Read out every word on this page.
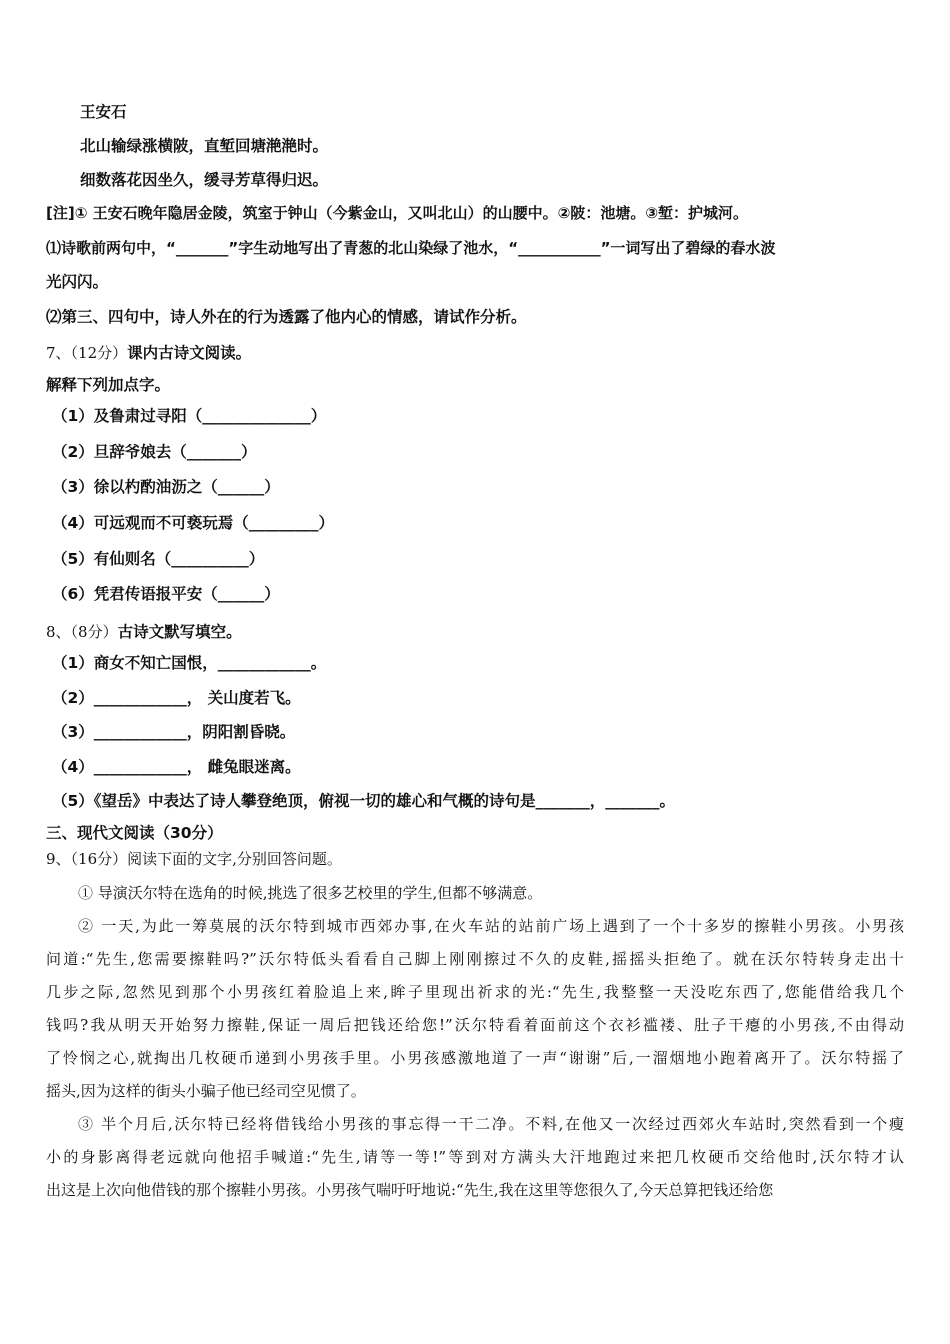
王安石
北山输绿涨横陂，直堑回塘滟滟时。
细数落花因坐久，缓寻芳草得归迟。
[注]① 王安石晚年隐居金陵，筑室于钟山（今紫金山，又叫北山）的山腰中。②陂：池塘。③堑：护城河。
⑴诗歌前两句中，“_______”字生动地写出了青葱的北山染绿了池水，“___________”一词写出了碧绿的春水波
光闪闪。
⑵第三、四句中，诗人外在的行为透露了他内心的情感，请试作分析。
7、（12分）课内古诗文阅读。
解释下列加点字。
（1）及鲁肃过寻阳（______________）
（2）旦辞爷娘去（_______）
（3）徐以杓酌油沥之（______）
（4）可远观而不可亵玩焉（_________）
（5）有仙则名（__________）
（6）凭君传语报平安（______）
8、（8分）古诗文默写填空。
（1）商女不知亡国恨，____________。
（2）____________， 关山度若飞。
（3）____________，阴阳割昏晓。
（4）____________， 雌兔眼迷离。
（5）《望岳》中表达了诗人攀登绝顶，俯视一切的雄心和气概的诗句是_______，_______。
三、现代文阅读（30分）
9、（16分）阅读下面的文字,分别回答问题。
① 导演沃尔特在选角的时候,挑选了很多艺校里的学生,但都不够满意。
② 一天,为此一筹莫展的沃尔特到城市西郊办事,在火车站的站前广场上遇到了一个十多岁的擦鞋小男孩。小男孩
问道:“先生,您需要擦鞋吗?”沃尔特低头看看自己脚上刚刚擦过不久的皮鞋,摇摇头拒绝了。就在沃尔特转身走出十
几步之际,忽然见到那个小男孩红着脸追上来,眸子里现出祈求的光:“先生,我整整一天没吃东西了,您能借给我几个
钱吗?我从明天开始努力擦鞋,保证一周后把钱还给您!”沃尔特看着面前这个衣衫褴褛、肚子干瘪的小男孩,不由得动
了怜悯之心,就掏出几枚硬币递到小男孩手里。小男孩感激地道了一声“谢谢”后,一溜烟地小跑着离开了。沃尔特摇了
摇头,因为这样的街头小骗子他已经司空见惯了。
③ 半个月后,沃尔特已经将借钱给小男孩的事忘得一干二净。不料,在他又一次经过西郊火车站时,突然看到一个瘦
小的身影离得老远就向他招手喊道:“先生,请等一等!”等到对方满头大汗地跑过来把几枚硬币交给他时,沃尔特才认
出这是上次向他借钱的那个擦鞋小男孩。小男孩气喘吁吁地说:“先生,我在这里等您很久了,今天总算把钱还给您
